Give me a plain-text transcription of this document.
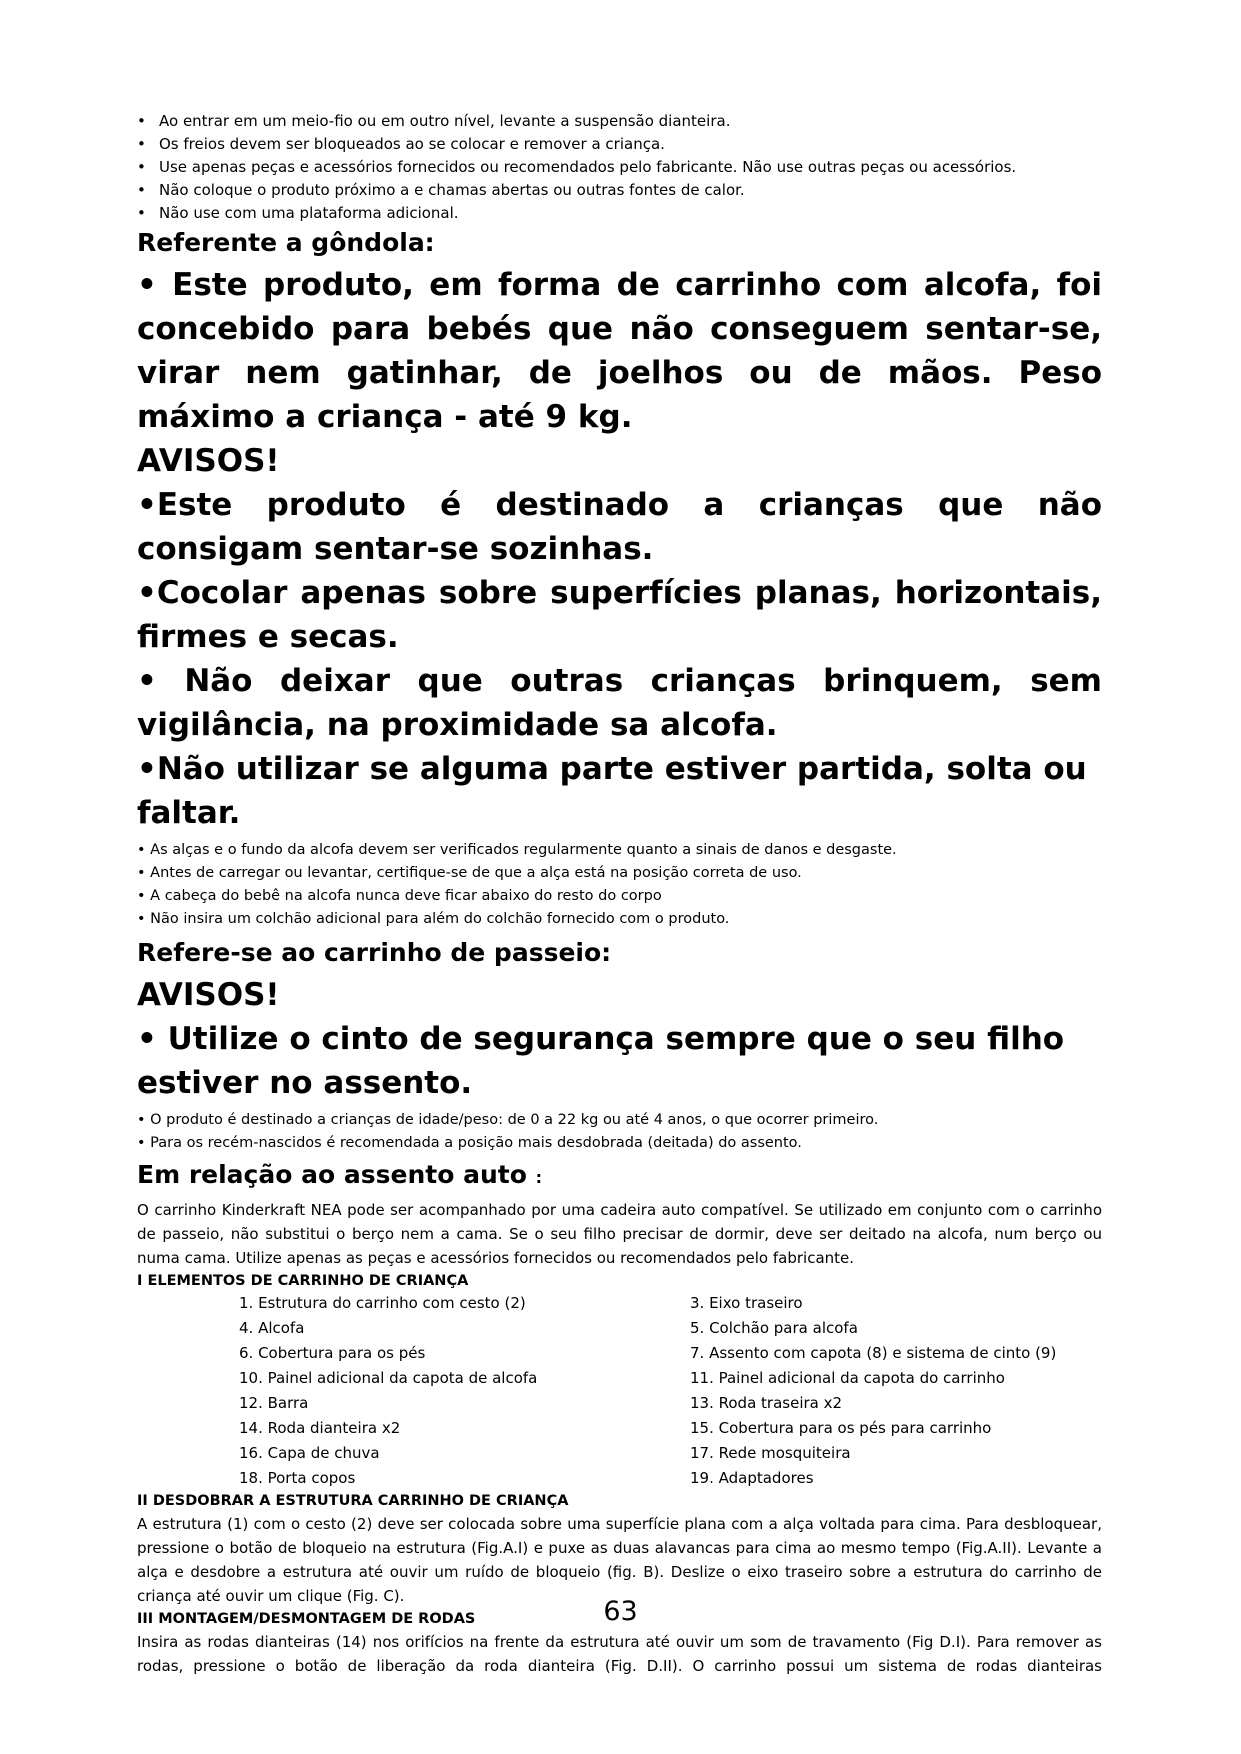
• Ao entrar em um meio-fio ou em outro nível, levante a suspensão dianteira.
• Os freios devem ser bloqueados ao se colocar e remover a criança.
• Use apenas peças e acessórios fornecidos ou recomendados pelo fabricante. Não use outras peças ou acessórios.
• Não coloque o produto próximo a e chamas abertas ou outras fontes de calor.
• Não use com uma plataforma adicional.
Referente a gôndola:

• Este produto, em forma de carrinho com alcofa, foi concebido para bebés que não conseguem sentar-se, virar nem gatinhar, de joelhos ou de mãos. Peso máximo a criança - até 9 kg.

AVISOS!

•Este produto é destinado a crianças que não consigam sentar-se sozinhas.

•Cocolar apenas sobre superfícies planas, horizontais, firmes e secas.

• Não deixar que outras crianças brinquem, sem vigilância, na proximidade sa alcofa.

•Não utilizar se alguma parte estiver partida, solta ou faltar.

• As alças e o fundo da alcofa devem ser verificados regularmente quanto a sinais de danos e desgaste.
• Antes de carregar ou levantar, certifique-se de que a alça está na posição correta de uso.
• A cabeça do bebê na alcofa nunca deve ficar abaixo do resto do corpo
• Não insira um colchão adicional para além do colchão fornecido com o produto.
Refere-se ao carrinho de passeio:

AVISOS!

• Utilize o cinto de segurança sempre que o seu filho estiver no assento.

• O produto é destinado a crianças de idade/peso: de 0 a 22 kg ou até 4 anos, o que ocorrer primeiro.
• Para os recém-nascidos é recomendada a posição mais desdobrada (deitada) do assento.
Em relação ao assento auto :

O carrinho Kinderkraft NEA pode ser acompanhado por uma cadeira auto compatível. Se utilizado em conjunto com o carrinho de passeio, não substitui o berço nem a cama. Se o seu filho precisar de dormir, deve ser deitado na alcofa, num berço ou numa cama. Utilize apenas as peças e acessórios fornecidos ou recomendados pelo fabricante.

I ELEMENTOS DE CARRINHO DE CRIANÇA

1. Estrutura do carrinho com cesto (2)	3. Eixo traseiro
4. Alcofa	5. Colchão para alcofa
6. Cobertura para os pés	7. Assento com capota (8) e sistema de cinto (9)
10. Painel adicional da capota de alcofa	11. Painel adicional da capota do carrinho
12. Barra	13. Roda traseira x2
14. Roda dianteira x2	15. Cobertura para os pés para carrinho
16. Capa de chuva	17. Rede mosquiteira
18. Porta copos	19. Adaptadores

II DESDOBRAR A ESTRUTURA CARRINHO DE CRIANÇA

A estrutura (1) com o cesto (2) deve ser colocada sobre uma superfície plana com a alça voltada para cima. Para desbloquear, pressione o botão de bloqueio na estrutura (Fig.A.I) e puxe as duas alavancas para cima ao mesmo tempo (Fig.A.II). Levante a alça e desdobre a estrutura até ouvir um ruído de bloqueio (fig. B). Deslize o eixo traseiro sobre a estrutura do carrinho de criança até ouvir um clique (Fig. C).

III MONTAGEM/DESMONTAGEM DE RODAS

Insira as rodas dianteiras (14) nos orifícios na frente da estrutura até ouvir um som de travamento (Fig D.I). Para remover as rodas, pressione o botão de liberação da roda dianteira (Fig. D.II). O carrinho possui um sistema de rodas dianteiras

63
